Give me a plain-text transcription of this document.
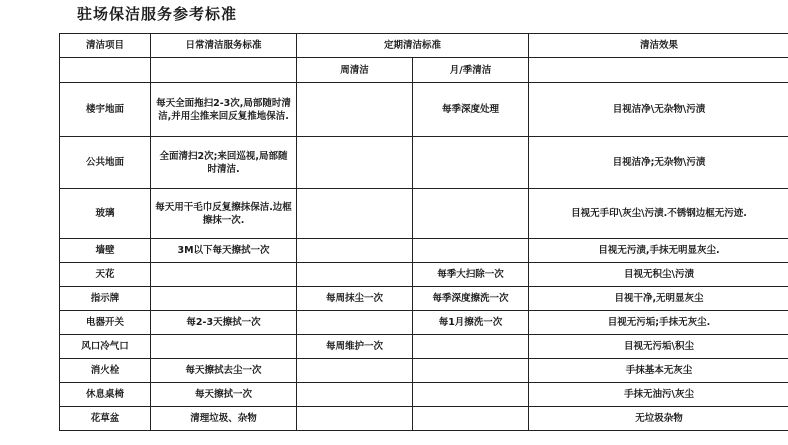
驻场保洁服务参考标准
清洁项目	日常清洁服务标准	定期清洁标准		清洁效果
		周清洁	月/季清洁	
楼宇地面	每天全面拖扫2-3次,局部随时清洁,并用尘推来回反复推地保洁.		每季深度处理	目视洁净\无杂物\污渍
公共地面	全面清扫2次;来回巡视,局部随时清洁.			目视洁净;无杂物\污渍
玻璃	每天用干毛巾反复擦抹保洁.边框擦抹一次.			目视无手印\灰尘\污渍.不锈钢边框无污迹.
墙壁	3M以下每天擦拭一次			目视无污渍,手抹无明显灰尘.
天花			每季大扫除一次	目视无积尘\污渍
指示牌		每周抹尘一次	每季深度擦洗一次	目视干净,无明显灰尘
电器开关	每2-3天擦拭一次		每1月擦洗一次	目视无污垢;手抹无灰尘.
风口冷气口		每周维护一次		目视无污垢\积尘
消火栓	每天擦拭去尘一次			手抹基本无灰尘
休息桌椅	每天擦拭一次			手抹无油污\灰尘
花草盆	清理垃圾、杂物			无垃圾杂物
